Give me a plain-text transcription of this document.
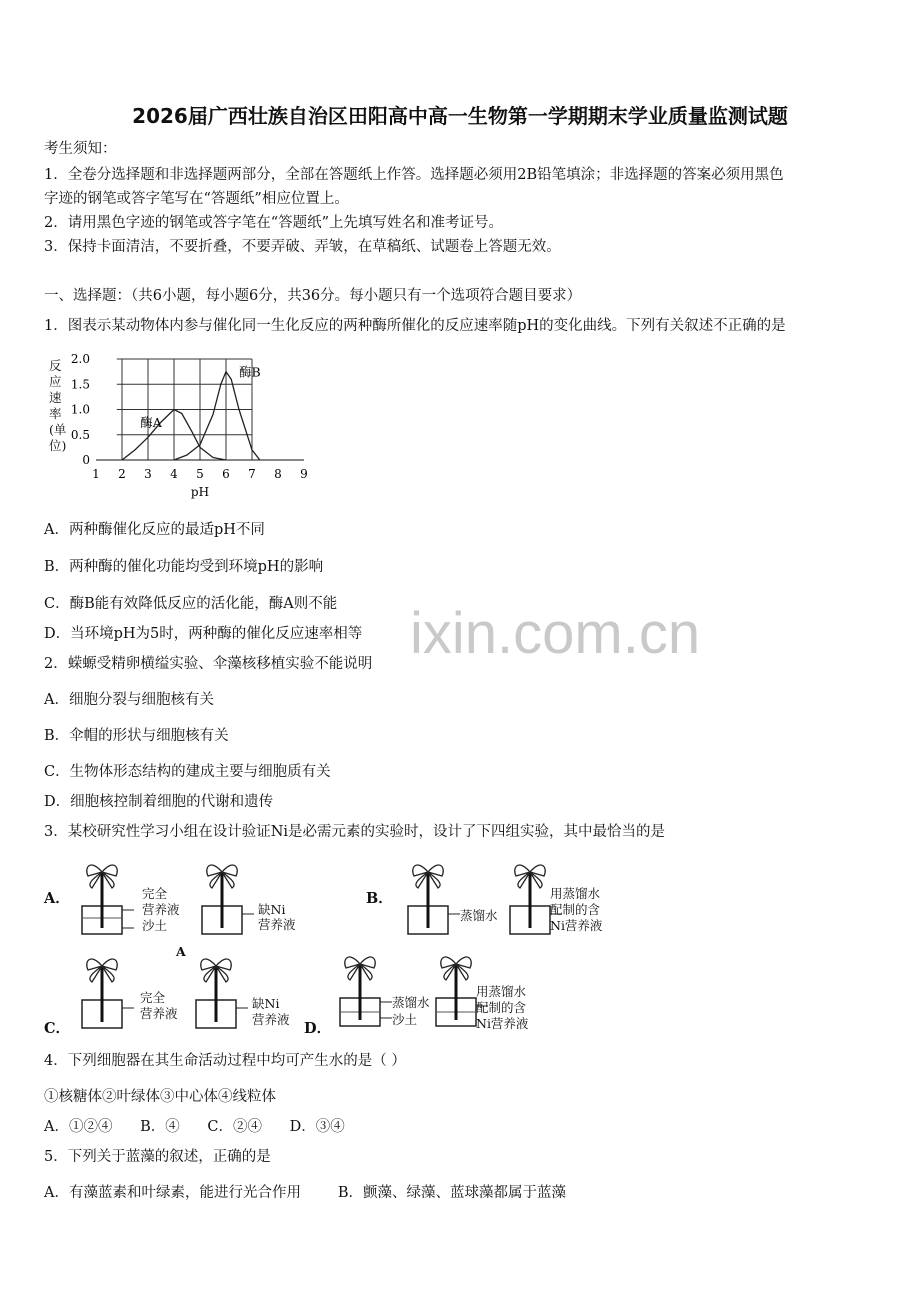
2026届广西壮族自治区田阳高中高一生物第一学期期末学业质量监测试题
考生须知：
1．全卷分选择题和非选择题两部分，全部在答题纸上作答。选择题必须用2B铅笔填涂；非选择题的答案必须用黑色
字迹的钢笔或答字笔写在“答题纸”相应位置上。
2．请用黑色字迹的钢笔或答字笔在“答题纸”上先填写姓名和准考证号。
3．保持卡面清洁，不要折叠，不要弄破、弄皱，在草稿纸、试题卷上答题无效。
一、选择题：（共6小题，每小题6分，共36分。每小题只有一个选项符合题目要求）
1．图表示某动物体内参与催化同一生化反应的两种酶所催化的反应速率随pH的变化曲线。下列有关叙述不正确的是
1 2 3 4 5 6 7 8 9
0
0.5
1.0
1.5
2.0
pH
酶A
酶B
反应速率(单位)
A．两种酶催化反应的最适pH不同
B．两种酶的催化功能均受到环境pH的影响
C．酶B能有效降低反应的活化能，酶A则不能
D．当环境pH为5时，两种酶的催化反应速率相等 ixin.com.cn
2．蝾螈受精卵横缢实验、伞藻核移植实验不能说明
A．细胞分裂与细胞核有关
B．伞帽的形状与细胞核有关
C．生物体形态结构的建成主要与细胞质有关
D．细胞核控制着细胞的代谢和遗传
3．某校研究性学习小组在设计验证Ni是必需元素的实验时，设计了下四组实验，其中最恰当的是
A．	完全
营养液
沙土
缺Ni
营养液
A
B．
蒸馏水
用蒸馏水
配制的含
Ni营养液
C．
完全
营养液
缺Ni
营养液
D．
蒸馏水
沙土
用蒸馏水
配制的含
Ni营养液
4．下列细胞器在其生命活动过程中均可产生水的是（ ）
①核糖体②叶绿体③中心体④线粒体
A．①②④      B．④      C．②④      D．③④
5．下列关于蓝藻的叙述，正确的是
A．有藻蓝素和叶绿素，能进行光合作用        B．颤藻、绿藻、蓝球藻都属于蓝藻
